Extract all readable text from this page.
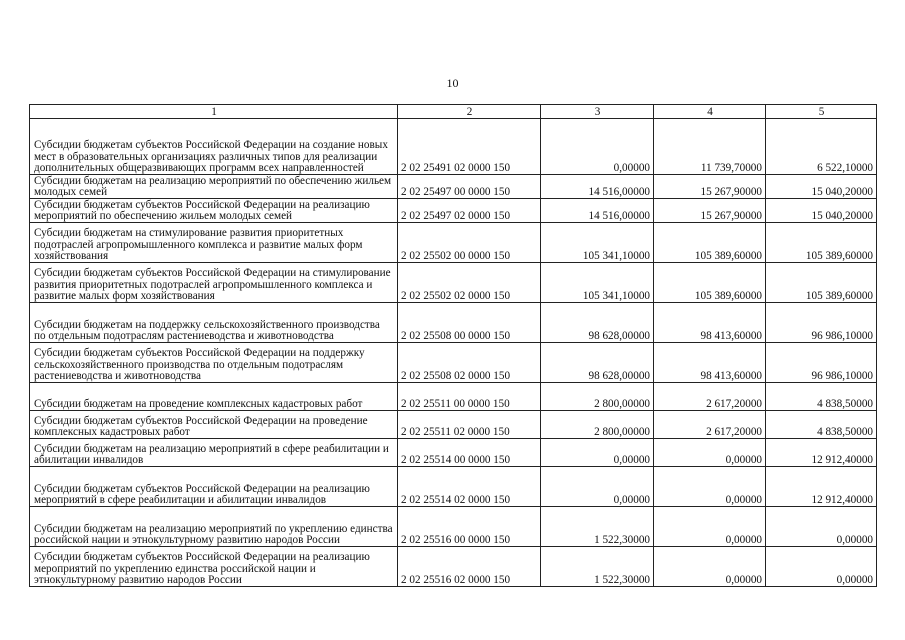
10
1	2	3	4	5
Субсидии бюджетам субъектов Российской Федерации на создание новых мест в образовательных организациях различных типов для реализации дополнительных общеразвивающих программ всех направленностей	2 02 25491 02 0000 150	0,00000	11 739,70000	6 522,10000
Субсидии бюджетам на реализацию мероприятий по обеспечению жильем молодых семей	2 02 25497 00 0000 150	14 516,00000	15 267,90000	15 040,20000
Субсидии бюджетам субъектов Российской Федерации на реализацию мероприятий по обеспечению жильем молодых семей	2 02 25497 02 0000 150	14 516,00000	15 267,90000	15 040,20000
Субсидии бюджетам на стимулирование развития приоритетных подотраслей агропромышленного комплекса и развитие малых форм хозяйствования	2 02 25502 00 0000 150	105 341,10000	105 389,60000	105 389,60000
Субсидии бюджетам субъектов Российской Федерации на стимулирование развития приоритетных подотраслей агропромышленного комплекса и развитие малых форм хозяйствования	2 02 25502 02 0000 150	105 341,10000	105 389,60000	105 389,60000
Субсидии бюджетам на поддержку сельскохозяйственного производства по отдельным подотраслям растениеводства и животноводства	2 02 25508 00 0000 150	98 628,00000	98 413,60000	96 986,10000
Субсидии бюджетам субъектов Российской Федерации на поддержку сельскохозяйственного производства по отдельным подотраслям растениеводства и животноводства	2 02 25508 02 0000 150	98 628,00000	98 413,60000	96 986,10000
Субсидии бюджетам на проведение комплексных кадастровых работ	2 02 25511 00 0000 150	2 800,00000	2 617,20000	4 838,50000
Субсидии бюджетам субъектов Российской Федерации на проведение комплексных кадастровых работ	2 02 25511 02 0000 150	2 800,00000	2 617,20000	4 838,50000
Субсидии бюджетам на реализацию мероприятий в сфере реабилитации и абилитации инвалидов	2 02 25514 00 0000 150	0,00000	0,00000	12 912,40000
Субсидии бюджетам субъектов Российской Федерации на реализацию мероприятий в сфере реабилитации и абилитации инвалидов	2 02 25514 02 0000 150	0,00000	0,00000	12 912,40000
Субсидии бюджетам на реализацию мероприятий по укреплению единства российской нации и этнокультурному развитию народов России	2 02 25516 00 0000 150	1 522,30000	0,00000	0,00000
Субсидии бюджетам субъектов Российской Федерации на реализацию мероприятий по укреплению единства российской нации и этнокультурному развитию народов России	2 02 25516 02 0000 150	1 522,30000	0,00000	0,00000
